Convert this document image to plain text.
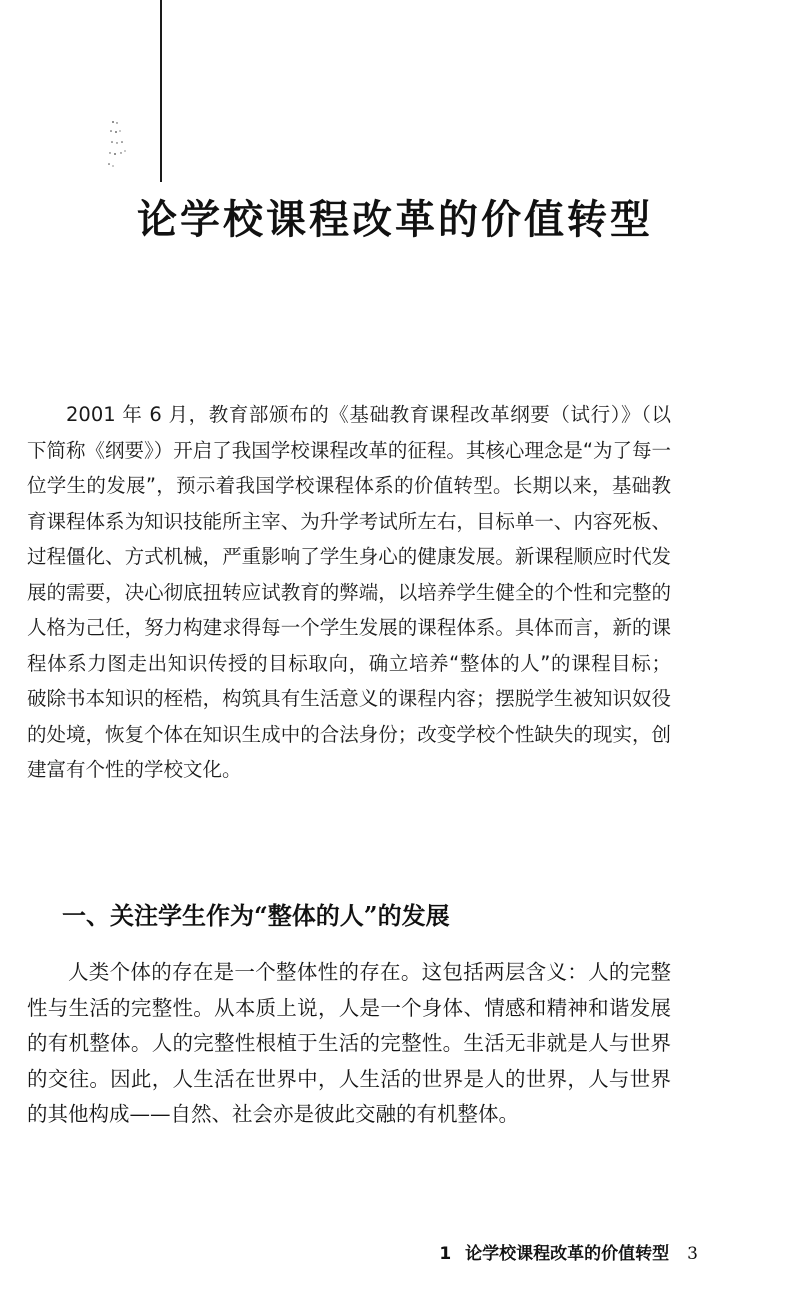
论学校课程改革的价值转型

2001 年 6 月，教育部颁布的《基础教育课程改革纲要（试行）》（以下简称《纲要》）开启了我国学校课程改革的征程。其核心理念是“为了每一位学生的发展”，预示着我国学校课程体系的价值转型。长期以来，基础教育课程体系为知识技能所主宰、为升学考试所左右，目标单一、内容死板、过程僵化、方式机械，严重影响了学生身心的健康发展。新课程顺应时代发展的需要，决心彻底扭转应试教育的弊端，以培养学生健全的个性和完整的人格为己任，努力构建求得每一个学生发展的课程体系。具体而言，新的课程体系力图走出知识传授的目标取向，确立培养“整体的人”的课程目标；破除书本知识的桎梏，构筑具有生活意义的课程内容；摆脱学生被知识奴役的处境，恢复个体在知识生成中的合法身份；改变学校个性缺失的现实，创建富有个性的学校文化。

一、关注学生作为“整体的人”的发展

人类个体的存在是一个整体性的存在。这包括两层含义：人的完整性与生活的完整性。从本质上说，人是一个身体、情感和精神和谐发展的有机整体。人的完整性根植于生活的完整性。生活无非就是人与世界的交往。因此，人生活在世界中，人生活的世界是人的世界，人与世界的其他构成——自然、社会亦是彼此交融的有机整体。

1 论学校课程改革的价值转型 3
